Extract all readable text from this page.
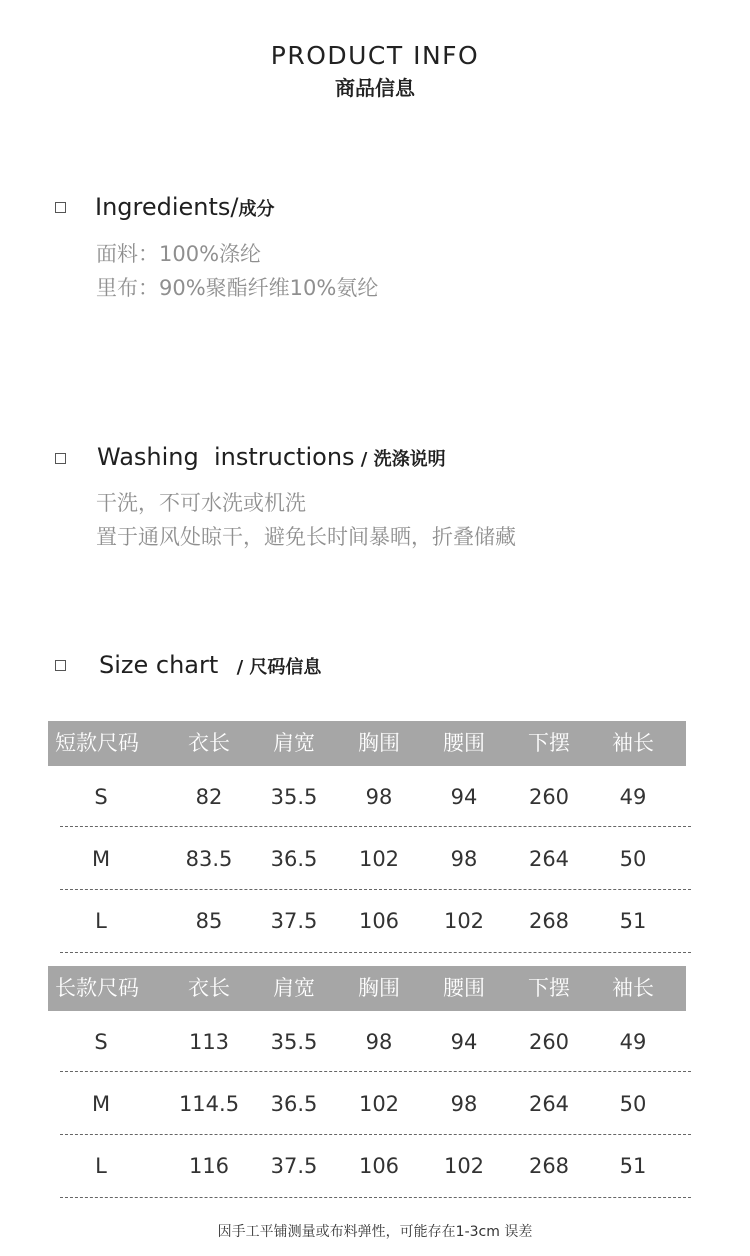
PRODUCT INFO
商品信息
Ingredients/成分
面料：100%涤纶
里布：90%聚酯纤维10%氨纶
Washing  instructions / 洗涤说明
干洗，不可水洗或机洗
置于通风处晾干，避免长时间暴晒，折叠储藏
Size chart / 尺码信息
短款尺码	衣长	肩宽	胸围	腰围	下摆	袖长
S	82	35.5	98	94	260	49
M	83.5	36.5	102	98	264	50
L	85	37.5	106	102	268	51
长款尺码	衣长	肩宽	胸围	腰围	下摆	袖长
S	113	35.5	98	94	260	49
M	114.5	36.5	102	98	264	50
L	116	37.5	106	102	268	51
因手工平铺测量或布料弹性，可能存在1-3cm 误差
